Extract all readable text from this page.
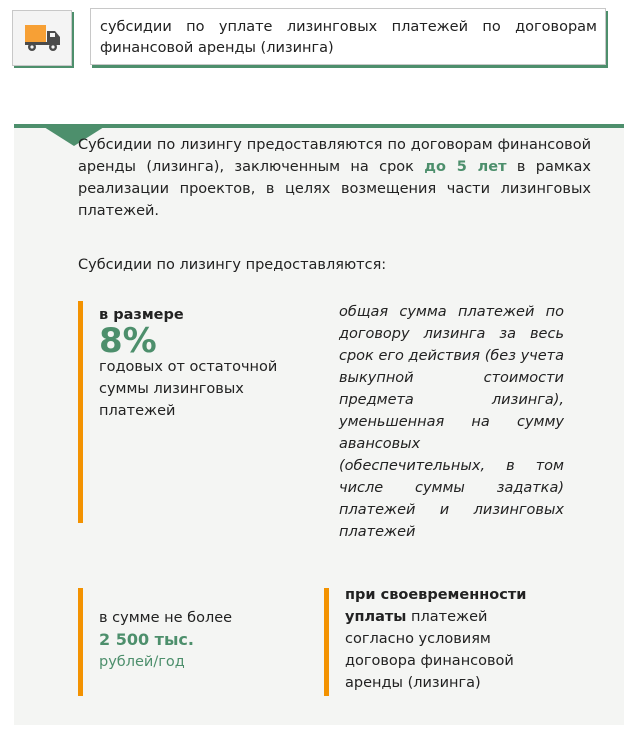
субсидии по уплате лизинговых платежей по договорам финансовой аренды (лизинга)
Субсидии по лизингу предоставляются по договорам финансовой аренды (лизинга), заключенным на срок до 5 лет в рамках реализации проектов, в целях возмещения части лизинговых платежей.
Субсидии по лизингу предоставляются:
в размере
8%
годовых от остаточной суммы лизинговых платежей
общая сумма платежей по договору лизинга за весь срок его действия (без учета выкупной стоимости предмета лизинга), уменьшенная на сумму авансовых (обеспечительных, в том числе суммы задатка) платежей и лизинговых платежей
в сумме не более
2 500 тыс.
рублей/год
при своевременности уплаты платежей согласно условиям договора финансовой аренды (лизинга)
